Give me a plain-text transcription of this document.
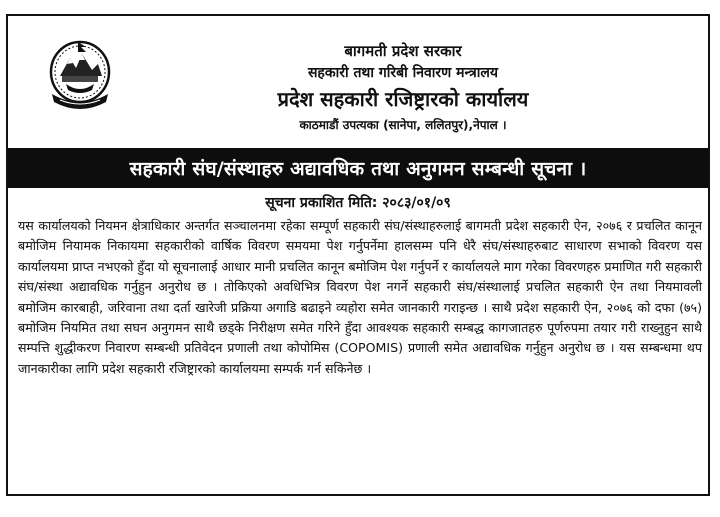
बागमती प्रदेश सरकार
सहकारी तथा गरिबी निवारण मन्त्रालय
प्रदेश सहकारी रजिष्ट्रारको कार्यालय
काठमाडौं उपत्यका (सानेपा, ललितपुर),नेपाल ।
सहकारी संघ/संस्थाहरु अद्यावधिक तथा अनुगमन सम्बन्धी सूचना ।
सूचना प्रकाशित मिति: २०८३/०१/०९
यस कार्यालयको नियमन क्षेत्राधिकार अन्तर्गत सञ्चालनमा रहेका सम्पूर्ण सहकारी संघ/संस्थाहरुलाई बागमती प्रदेश सहकारी ऐन, २०७६ र प्रचलित कानून बमोजिम नियामक निकायमा सहकारीको वार्षिक विवरण समयमा पेश गर्नुपर्नेमा हालसम्म पनि धेरै संघ/संस्थाहरुबाट साधारण सभाको विवरण यस कार्यालयमा प्राप्त नभएको हुँदा यो सूचनालाई आधार मानी प्रचलित कानून बमोजिम पेश गर्नुपर्ने र कार्यालयले माग गरेका विवरणहरु प्रमाणित गरी सहकारी संघ/संस्था अद्यावधिक गर्नुहुन अनुरोध छ । तोकिएको अवधिभित्र विवरण पेश नगर्ने सहकारी संघ/संस्थालाई प्रचलित सहकारी ऐन तथा नियमावली बमोजिम कारबाही, जरिवाना तथा दर्ता खारेजी प्रक्रिया अगाडि बढाइने व्यहोरा समेत जानकारी गराइन्छ । साथै प्रदेश सहकारी ऐन, २०७६ को दफा (७५) बमोजिम नियमित तथा सघन अनुगमन साथै छड्के निरीक्षण समेत गरिने हुँदा आवश्यक सहकारी सम्बद्ध कागजातहरु पूर्णरुपमा तयार गरी राख्नुहुन साथै सम्पत्ति शुद्धीकरण निवारण सम्बन्धी प्रतिवेदन प्रणाली तथा कोपोमिस (COPOMIS) प्रणाली समेत अद्यावधिक गर्नुहुन अनुरोध छ । यस सम्बन्धमा थप जानकारीका लागि प्रदेश सहकारी रजिष्ट्रारको कार्यालयमा सम्पर्क गर्न सकिनेछ ।
